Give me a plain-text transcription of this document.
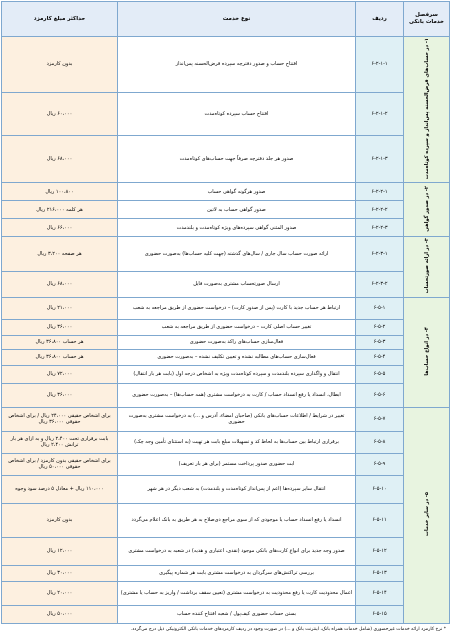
سرفصل خدمات بانکی	ردیف	نوع خدمت	حداکثر مبلغ کارمزد
۱- در حساب‌های قرض‌الحسنه پس‌انداز و سپرده کوتاه‌مدت	۶-۲-۱-۱	افتتاح حساب و صدور دفترچه سپرده قرض‌الحسنه پس‌انداز	بدون کارمزد
	۶-۲-۱-۲	افتتاح حساب سپرده کوتاه‌مدت	۶۰،۰۰۰ ریال
	۶-۲-۱-۳	صدور هر جلد دفترچه صرفاً جهت حساب‌های کوتاه‌مدت	۶۸،۰۰۰ ریال
۲- در صدور گواهی	۶-۲-۲-۱	صدور هرگونه گواهی حساب	۱۰۰،۸۰۰ ریال
	۶-۲-۲-۲	صدور گواهی حساب به لاتین	هر کلمه ۲۱۶،۰۰۰ ریال
	۶-۲-۲-۳	صدور المثنی گواهی سپرده‌های ویژه کوتاه‌مدت و بلندمدت	۶۶،۰۰۰ ریال
۳- در ارائه صورتحساب	۶-۲-۳-۱	ارائه صورت حساب سال جاری / سال‌های گذشته (جهت کلیه حساب‌ها) به‌صورت حضوری	هر صفحه ۳،۲۰۰ ریال
	۶-۲-۳-۲	ارسال صورتحساب مشتری به‌صورت فایل	۶۸،۰۰۰ ریال
۴- در انواع حساب‌ها	۶-۵-۱	ارتباط هر حساب جدید با کارت (پس از صدور کارت) – درخواست حضوری از طریق مراجعه به شعب	۲۱،۰۰۰ ریال
	۶-۵-۲	تغییر حساب اصلی کارت – درخواست حضوری از طریق مراجعه به شعب	۳۶،۰۰۰ ریال
	۶-۵-۳	فعال‌سازی حساب‌های راکد به‌صورت حضوری	هر حساب ۳۶،۸۰۰ ریال
	۶-۵-۴	فعال‌سازی حساب‌های مطالبه نشده و تعیین تکلیف نشده – به‌صورت حضوری	هر حساب ۳۶،۸۰۰ ریال
	۶-۵-۵	انتقال و واگذاری سپرده بلندمدت و سپرده کوتاه‌مدت ویژه به اشخاص درجه اول (بابت هر بار انتقال)	۷۲،۰۰۰ ریال
	۶-۵-۶	ابطال، انسداد یا رفع انسداد حساب / کارت به درخواست مشتری (همه حساب‌ها) – به‌صورت حضوری	۳۶،۰۰۰ ریال
۵- در سایر خدمات	۶-۵-۷	تغییر در شرایط / اطلاعات حساب‌های بانکی (صاحبان امضاء، آدرس و ...) به درخواست مشتری به‌صورت حضوری	برای اشخاص حقیقی ۲۴،۰۰۰ ریال / برای اشخاص حقوقی ۳۶،۰۰۰ ریال
	۶-۵-۸	برقراری ارتباط بین حساب‌ها به لحاظ کد و تسهیلات مبلغ بابت هر تهیت (به استثنای تأمین وجه چک)	بابت برقراری تحت ۲،۴۰۰ ریال و به ازای هر بار ترانش ۲،۴۰۰ ریال
	۶-۵-۹	ابت حضوری صدور پرداخت مستمر (برای هر بار تعریف)	برای اشخاص حقیقی بدون کارمزد / برای اشخاص حقوقی ۵۰،۰۰۰ ریال
	۶-۵-۱۰	انتقال سایر سپرده‌ها (اعم از پس‌انداز کوتاه‌مدت و بلندمدت) به شعب دیگر در هر شهر	۱۱۰،۰۰۰ ریال + معادل ۵ درصد سود وجوه
	۶-۵-۱۱	انسداد یا رفع انسداد حساب یا موجودی که از سوی مراجع ذی‌صلاح به هر طریق به بانک اعلام می‌گردد	بدون کارمزد
	۶-۵-۱۲	صدور وجه جدید برای انواع کارت‌های بانکی موجود (نقدی، اعتباری و هدیه) در شعبه به درخواست مشتری	۱۲،۰۰۰ ریال
	۶-۵-۱۳	بررسی تراکنش‌های سرگردان به درخواست مشتری بابت هر شماره پیگیری	۳۰،۰۰۰ ریال
	۶-۵-۱۴	اعمال محدودیت کارت یا رفع محدودیت به درخواست مشتری (تعیین سقف برداشت / واریز به حساب یا مشتری)	۲۰،۰۰۰ ریال
	۶-۵-۱۵	بستن حساب حضوری کیف‌پول / شعبه افتتاح کننده حساب	۵۰،۰۰۰ ریال
* نرخ کارمزد ارائه خدمات غیرحضوری (شامل خدمات همراه بانک، اینترنت بانک و ...) در صورت وجود در ردیف کارمزدهای خدمات بانکی الکترونیکی ذیل درج می‌گردد.
